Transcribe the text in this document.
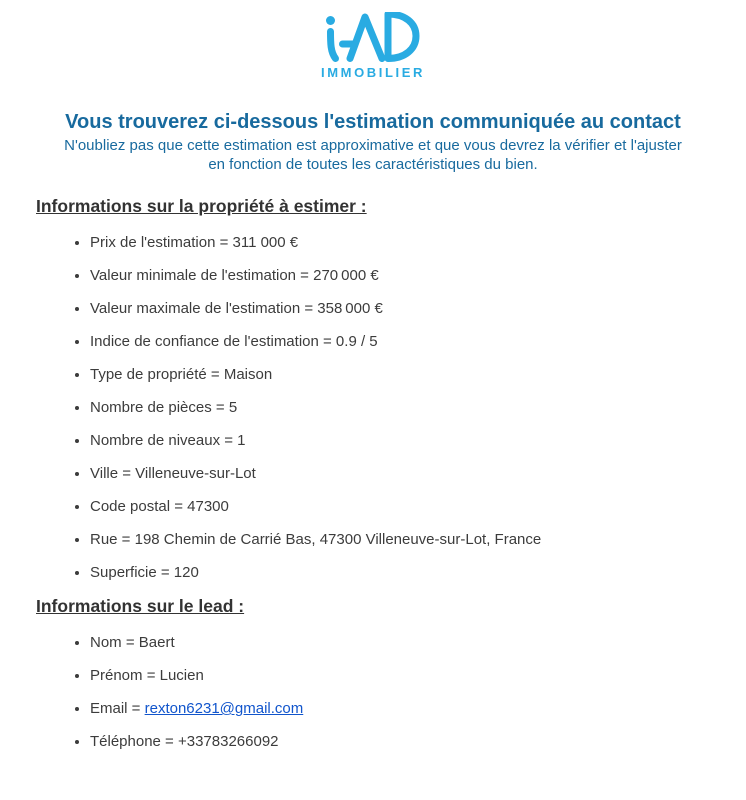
IMMOBILIER
Vous trouverez ci-dessous l'estimation communiquée au contact
N'oubliez pas que cette estimation est approximative et que vous devrez la vérifier et l'ajuster
en fonction de toutes les caractéristiques du bien.
Informations sur la propriété à estimer :
• Prix de l'estimation = 311 000 €
• Valeur minimale de l'estimation = 270 000 €
• Valeur maximale de l'estimation = 358 000 €
• Indice de confiance de l'estimation = 0.9 / 5
• Type de propriété = Maison
• Nombre de pièces = 5
• Nombre de niveaux = 1
• Ville = Villeneuve-sur-Lot
• Code postal = 47300
• Rue = 198 Chemin de Carrié Bas, 47300 Villeneuve-sur-Lot, France
• Superficie = 120
Informations sur le lead :
• Nom = Baert
• Prénom = Lucien
• Email = rexton6231@gmail.com
• Téléphone = +33783266092
